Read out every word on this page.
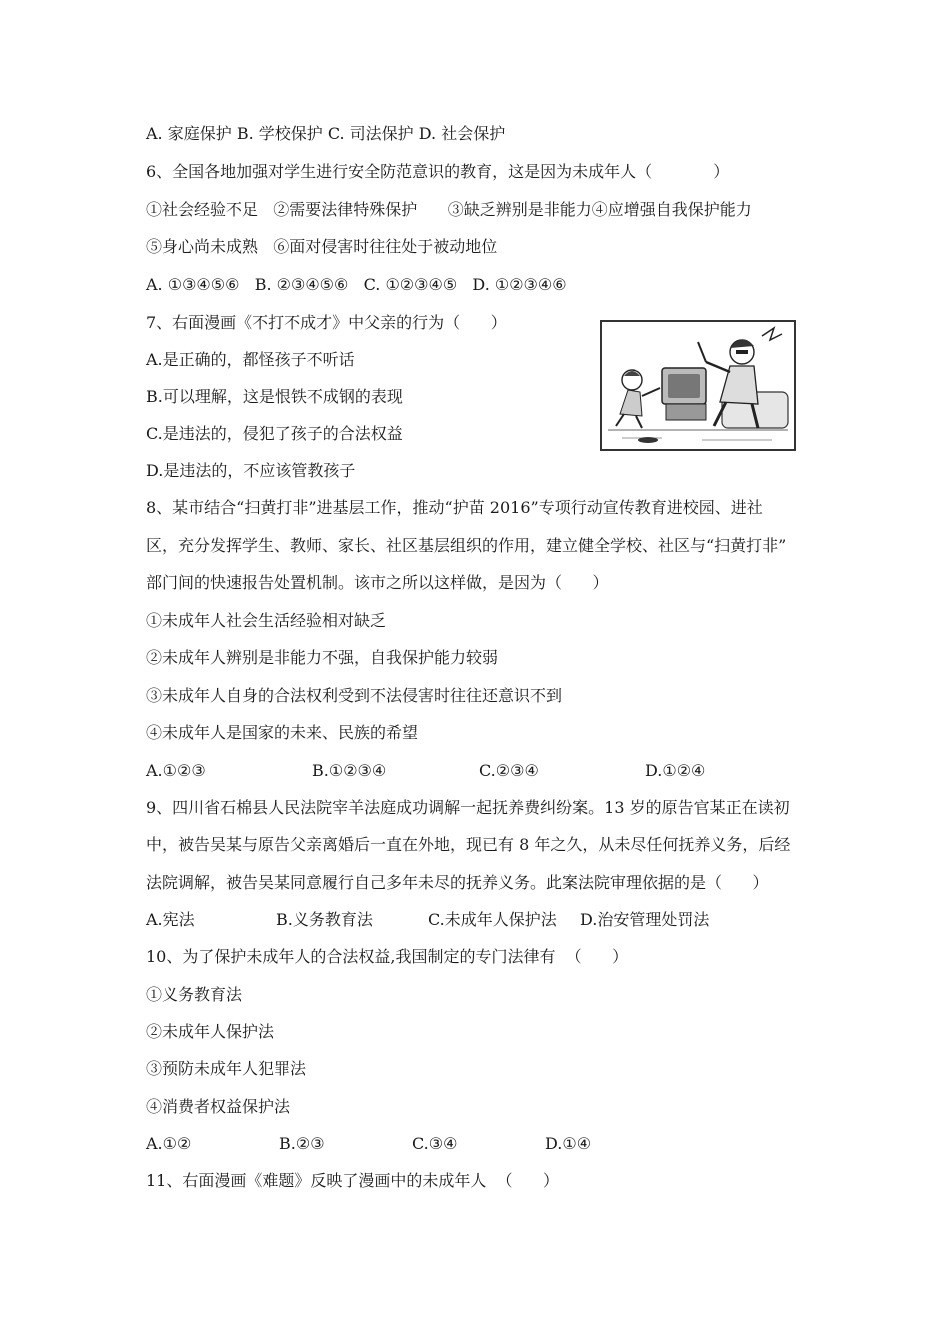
A. 家庭保护 B. 学校保护 C. 司法保护 D. 社会保护
6、全国各地加强对学生进行安全防范意识的教育，这是因为未成年人（            ）
①社会经验不足   ②需要法律特殊保护      ③缺乏辨别是非能力④应增强自我保护能力
⑤身心尚未成熟   ⑥面对侵害时往往处于被动地位
A. ①③④⑤⑥   B. ②③④⑤⑥   C. ①②③④⑤   D. ①②③④⑥
7、右面漫画《不打不成才》中父亲的行为（      ）
A.是正确的，都怪孩子不听话
B.可以理解，这是恨铁不成钢的表现
C.是违法的，侵犯了孩子的合法权益
D.是违法的，不应该管教孩子
8、某市结合“扫黄打非”进基层工作，推动“护苗 2016”专项行动宣传教育进校园、进社
区，充分发挥学生、教师、家长、社区基层组织的作用，建立健全学校、社区与“扫黄打非”
部门间的快速报告处置机制。该市之所以这样做，是因为（      ）
①未成年人社会生活经验相对缺乏
②未成年人辨别是非能力不强，自我保护能力较弱
③未成年人自身的合法权利受到不法侵害时往往还意识不到
④未成年人是国家的未来、民族的希望
A.①②③	B.①②③④	C.②③④	D.①②④
9、四川省石棉县人民法院宰羊法庭成功调解一起抚养费纠纷案。13 岁的原告官某正在读初
中，被告吴某与原告父亲离婚后一直在外地，现已有 8 年之久，从未尽任何抚养义务，后经
法院调解，被告吴某同意履行自己多年未尽的抚养义务。此案法院审理依据的是（      ）
A.宪法	B.义务教育法	C.未成年人保护法 D.治安管理处罚法
10、为了保护未成年人的合法权益,我国制定的专门法律有  （      ）
①义务教育法
②未成年人保护法
③预防未成年人犯罪法
④消费者权益保护法
A.①②	B.②③	C.③④	D.①④
11、右面漫画《难题》反映了漫画中的未成年人  （      ）
